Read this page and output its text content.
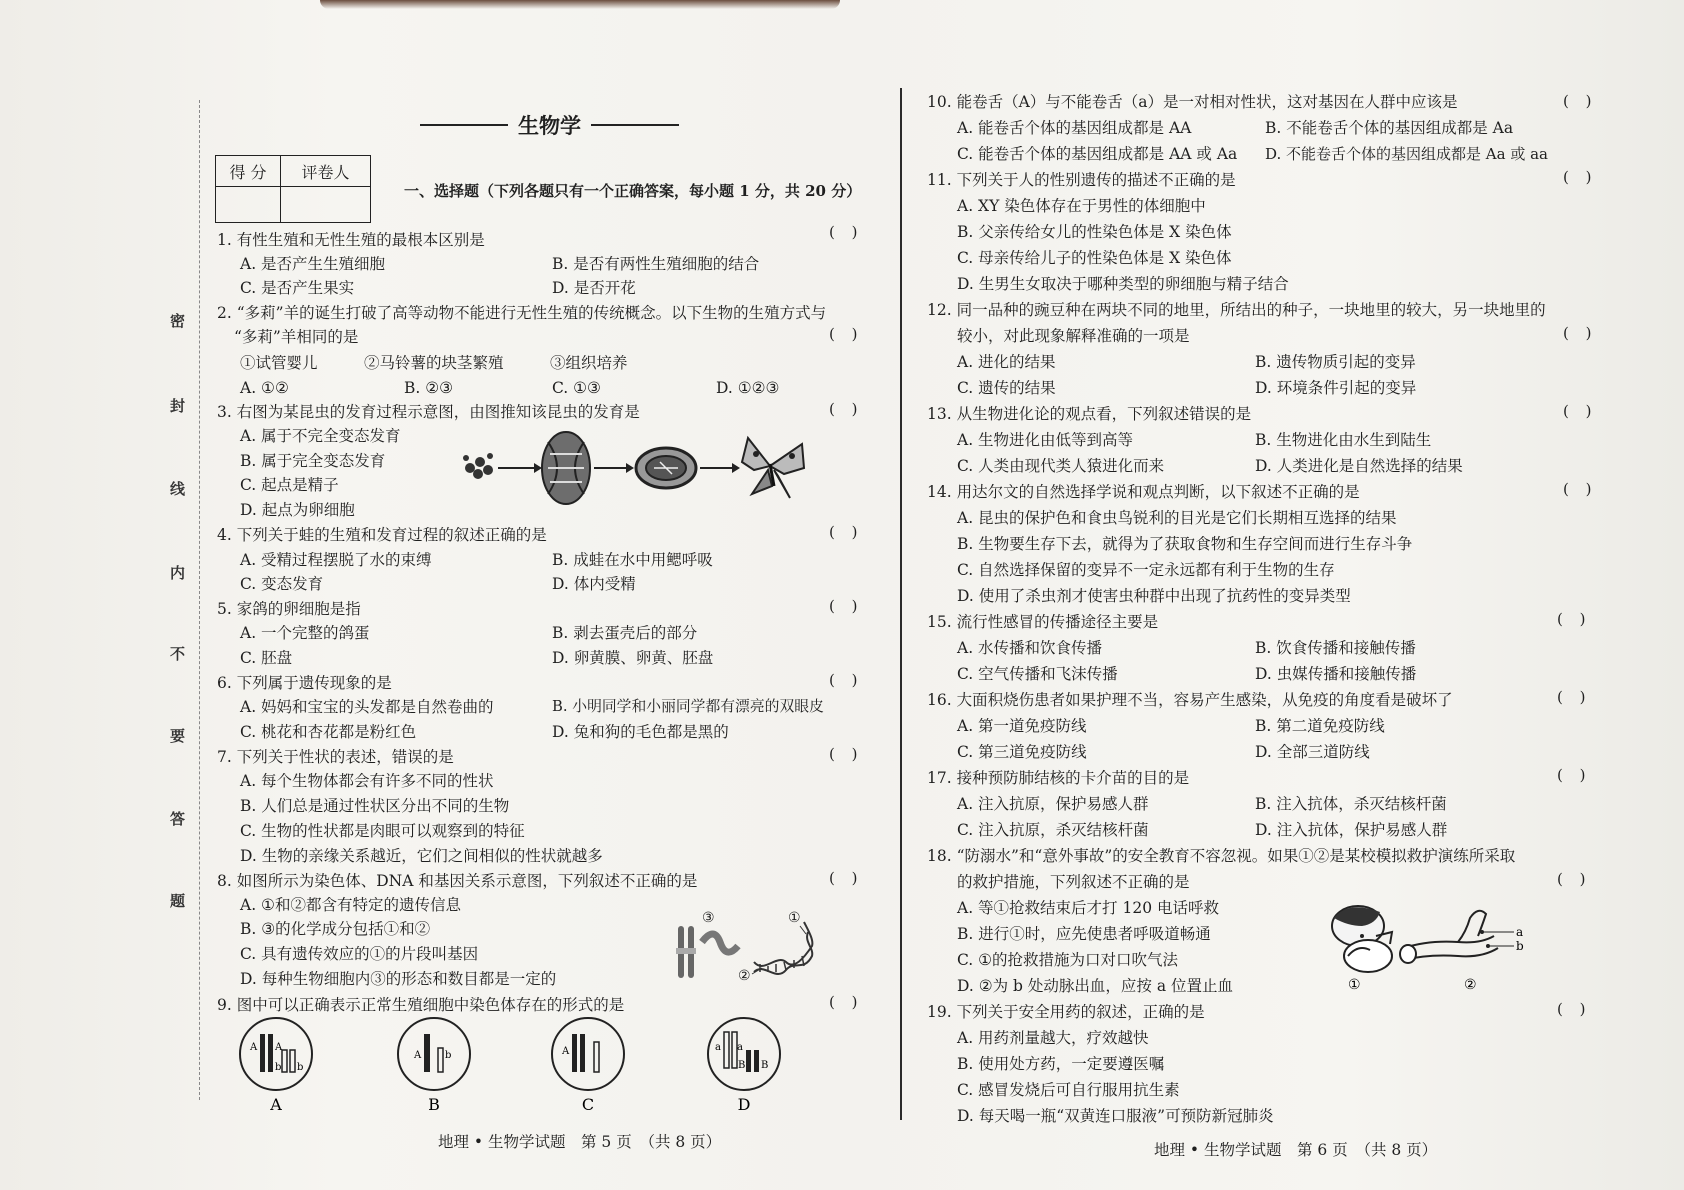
密
封
线
内
不
要
答
题
生物学
得 分	评卷人
一、选择题（下列各题只有一个正确答案，每小题 1 分，共 20 分）
1. 有性生殖和无性生殖的最根本区别是	( )
A. 是否产生生殖细胞	B. 是否有两性生殖细胞的结合
C. 是否产生果实	D. 是否开花
2. “多莉”羊的诞生打破了高等动物不能进行无性生殖的传统概念。以下生物的生殖方式与
“多莉”羊相同的是	( )
①试管婴儿　　　②马铃薯的块茎繁殖　　　③组织培养
A. ①②	B. ②③	C. ①③	D. ①②③
3. 右图为某昆虫的发育过程示意图，由图推知该昆虫的发育是	( )
A. 属于不完全变态发育
B. 属于完全变态发育
C. 起点是精子
D. 起点为卵细胞
4. 下列关于蛙的生殖和发育过程的叙述正确的是	( )
A. 受精过程摆脱了水的束缚	B. 成蛙在水中用鳃呼吸
C. 变态发育	D. 体内受精
5. 家鸽的卵细胞是指	( )
A. 一个完整的鸽蛋	B. 剥去蛋壳后的部分
C. 胚盘	D. 卵黄膜、卵黄、胚盘
6. 下列属于遗传现象的是	( )
A. 妈妈和宝宝的头发都是自然卷曲的	B. 小明同学和小丽同学都有漂亮的双眼皮
C. 桃花和杏花都是粉红色	D. 兔和狗的毛色都是黑的
7. 下列关于性状的表述，错误的是	( )
A. 每个生物体都会有许多不同的性状
B. 人们总是通过性状区分出不同的生物
C. 生物的性状都是肉眼可以观察到的特征
D. 生物的亲缘关系越近，它们之间相似的性状就越多
8. 如图所示为染色体、DNA 和基因关系示意图，下列叙述不正确的是	( )
A. ①和②都含有特定的遗传信息
B. ③的化学成分包括①和②
C. 具有遗传效应的①的片段叫基因
D. 每种生物细胞内③的形态和数目都是一定的
③	①
②
9. 图中可以正确表示正常生殖细胞中染色体存在的形式的是	( )
A A
b b
A
A b
B
A
C
a a
B B
D
地理 • 生物学试题　第 5 页　（共 8 页）
10. 能卷舌（A）与不能卷舌（a）是一对相对性状，这对基因在人群中应该是	( )
A. 能卷舌个体的基因组成都是 AA	B. 不能卷舌个体的基因组成都是 Aa
C. 能卷舌个体的基因组成都是 AA 或 Aa D. 不能卷舌个体的基因组成都是 Aa 或 aa
11. 下列关于人的性别遗传的描述不正确的是	( )
A. XY 染色体存在于男性的体细胞中
B. 父亲传给女儿的性染色体是 X 染色体
C. 母亲传给儿子的性染色体是 X 染色体
D. 生男生女取决于哪种类型的卵细胞与精子结合
12. 同一品种的豌豆种在两块不同的地里，所结出的种子，一块地里的较大，另一块地里的
较小，对此现象解释准确的一项是	( )
A. 进化的结果	B. 遗传物质引起的变异
C. 遗传的结果	D. 环境条件引起的变异
13. 从生物进化论的观点看，下列叙述错误的是	( )
A. 生物进化由低等到高等	B. 生物进化由水生到陆生
C. 人类由现代类人猿进化而来	D. 人类进化是自然选择的结果
14. 用达尔文的自然选择学说和观点判断，以下叙述不正确的是	( )
A. 昆虫的保护色和食虫鸟锐利的目光是它们长期相互选择的结果
B. 生物要生存下去，就得为了获取食物和生存空间而进行生存斗争
C. 自然选择保留的变异不一定永远都有利于生物的生存
D. 使用了杀虫剂才使害虫种群中出现了抗药性的变异类型
15. 流行性感冒的传播途径主要是	( )
A. 水传播和饮食传播	B. 饮食传播和接触传播
C. 空气传播和飞沫传播	D. 虫媒传播和接触传播
16. 大面积烧伤患者如果护理不当，容易产生感染，从免疫的角度看是破坏了	( )
A. 第一道免疫防线	B. 第二道免疫防线
C. 第三道免疫防线	D. 全部三道防线
17. 接种预防肺结核的卡介苗的目的是	( )
A. 注入抗原，保护易感人群	B. 注入抗体，杀灭结核杆菌
C. 注入抗原，杀灭结核杆菌	D. 注入抗体，保护易感人群
18. “防溺水”和“意外事故”的安全教育不容忽视。如果①②是某校模拟救护演练所采取
的救护措施，下列叙述不正确的是	( )
A. 等①抢救结束后才打 120 电话呼救
B. 进行①时，应先使患者呼吸道畅通
C. ①的抢救措施为口对口吹气法
D. ②为 b 处动脉出血，应按 a 位置止血	①
a
b
②
19. 下列关于安全用药的叙述，正确的是	( )
A. 用药剂量越大，疗效越快
B. 使用处方药，一定要遵医嘱
C. 感冒发烧后可自行服用抗生素
D. 每天喝一瓶“双黄连口服液”可预防新冠肺炎
地理 • 生物学试题　第 6 页　（共 8 页）
